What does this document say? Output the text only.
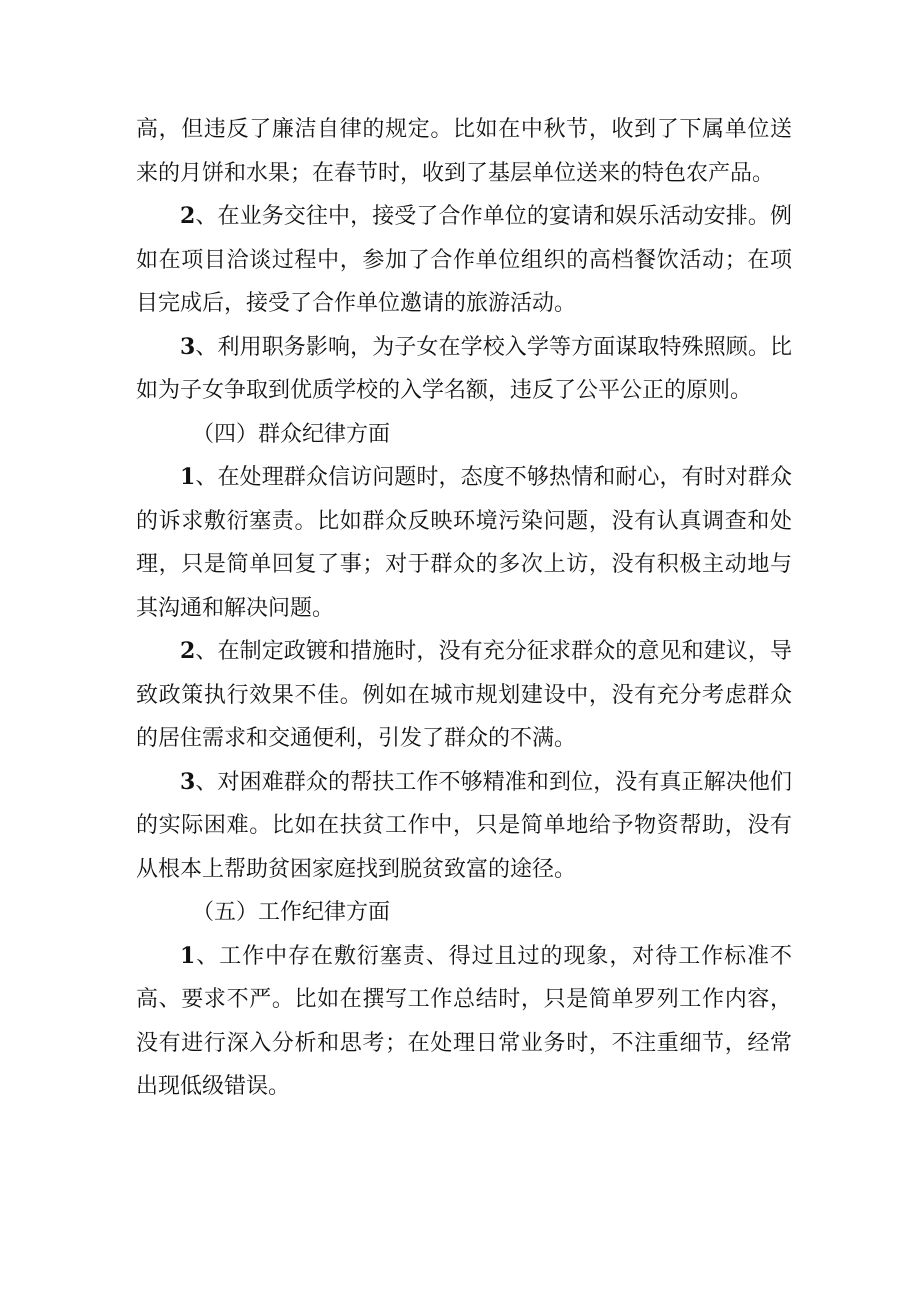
高，但违反了廉洁自律的规定。比如在中秋节，收到了下属单位送来的月饼和水果；在春节时，收到了基层单位送来的特色农产品。

2、在业务交往中，接受了合作单位的宴请和娱乐活动安排。例如在项目洽谈过程中，参加了合作单位组织的高档餐饮活动；在项目完成后，接受了合作单位邀请的旅游活动。

3、利用职务影响，为子女在学校入学等方面谋取特殊照顾。比如为子女争取到优质学校的入学名额，违反了公平公正的原则。

（四）群众纪律方面

1、在处理群众信访问题时，态度不够热情和耐心，有时对群众的诉求敷衍塞责。比如群众反映环境污染问题，没有认真调查和处理，只是简单回复了事；对于群众的多次上访，没有积极主动地与其沟通和解决问题。

2、在制定政镀和措施时，没有充分征求群众的意见和建议，导致政策执行效果不佳。例如在城市规划建设中，没有充分考虑群众的居住需求和交通便利，引发了群众的不满。

3、对困难群众的帮扶工作不够精准和到位，没有真正解决他们的实际困难。比如在扶贫工作中，只是简单地给予物资帮助，没有从根本上帮助贫困家庭找到脱贫致富的途径。

（五）工作纪律方面

1、工作中存在敷衍塞责、得过且过的现象，对待工作标准不高、要求不严。比如在撰写工作总结时，只是简单罗列工作内容，没有进行深入分析和思考；在处理日常业务时，不注重细节，经常出现低级错误。
